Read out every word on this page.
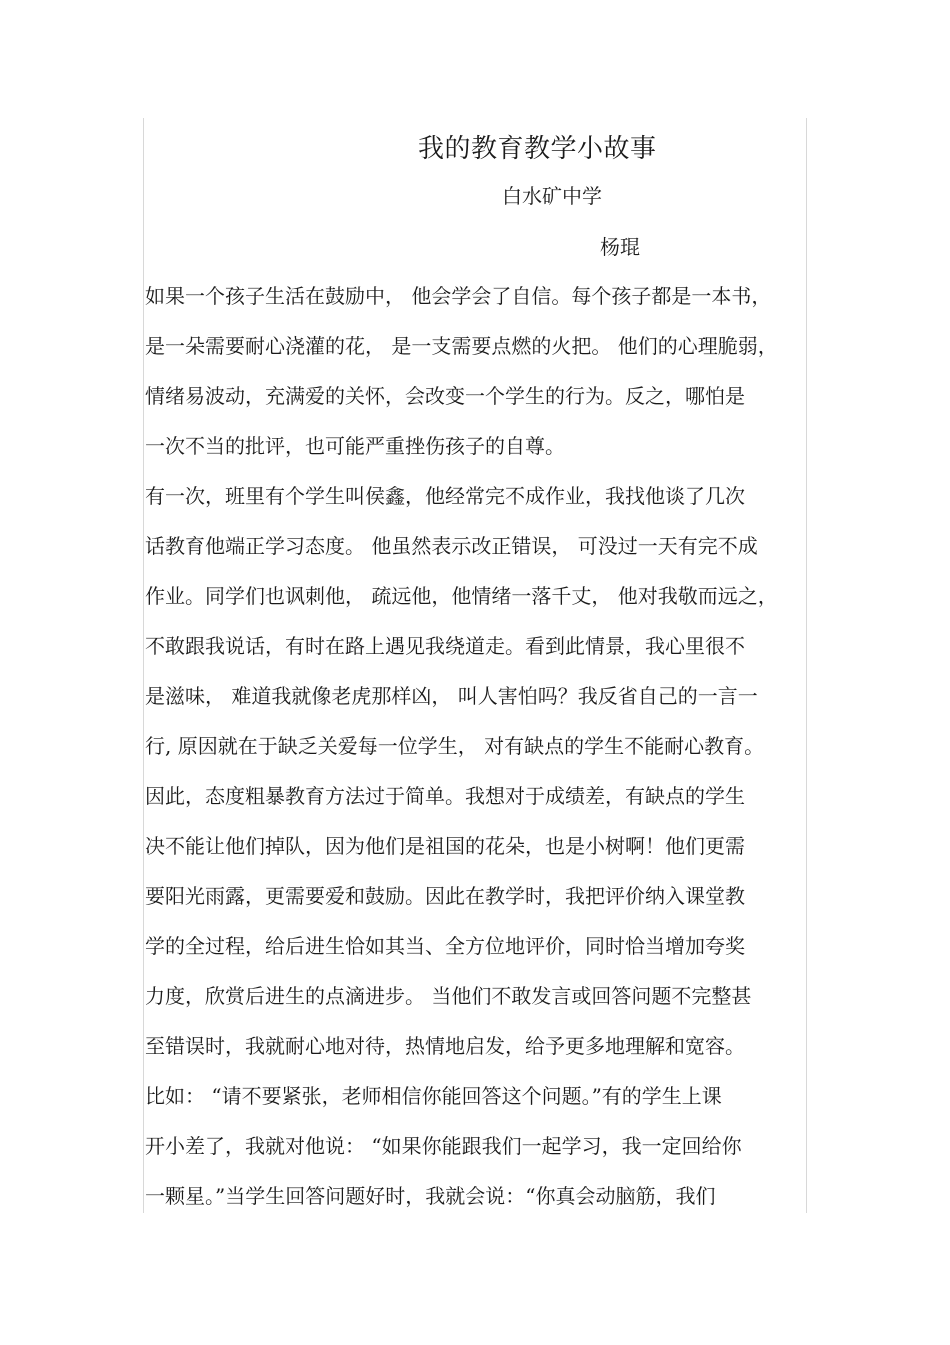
我的教育教学小故事
白水矿中学
杨琨
如果一个孩子生活在鼓励中， 他会学会了自信。每个孩子都是一本书，
是一朵需要耐心浇灌的花， 是一支需要点燃的火把。 他们的心理脆弱，
情绪易波动，充满爱的关怀，会改变一个学生的行为。反之，哪怕是
一次不当的批评，也可能严重挫伤孩子的自尊。
有一次，班里有个学生叫侯鑫，他经常完不成作业，我找他谈了几次
话教育他端正学习态度。 他虽然表示改正错误， 可没过一天有完不成
作业。同学们也讽刺他， 疏远他，他情绪一落千丈， 他对我敬而远之，
不敢跟我说话，有时在路上遇见我绕道走。看到此情景，我心里很不
是滋味， 难道我就像老虎那样凶， 叫人害怕吗？我反省自己的一言一
行, 原因就在于缺乏关爱每一位学生， 对有缺点的学生不能耐心教育。
因此，态度粗暴教育方法过于简单。我想对于成绩差，有缺点的学生
决不能让他们掉队，因为他们是祖国的花朵，也是小树啊！他们更需
要阳光雨露，更需要爱和鼓励。因此在教学时，我把评价纳入课堂教
学的全过程，给后进生恰如其当、全方位地评价，同时恰当增加夸奖
力度，欣赏后进生的点滴进步。 当他们不敢发言或回答问题不完整甚
至错误时，我就耐心地对待，热情地启发，给予更多地理解和宽容。
比如： “请不要紧张，老师相信你能回答这个问题。”有的学生上课
开小差了，我就对他说： “如果你能跟我们一起学习，我一定回给你
一颗星。”当学生回答问题好时，我就会说：“你真会动脑筋，我们
